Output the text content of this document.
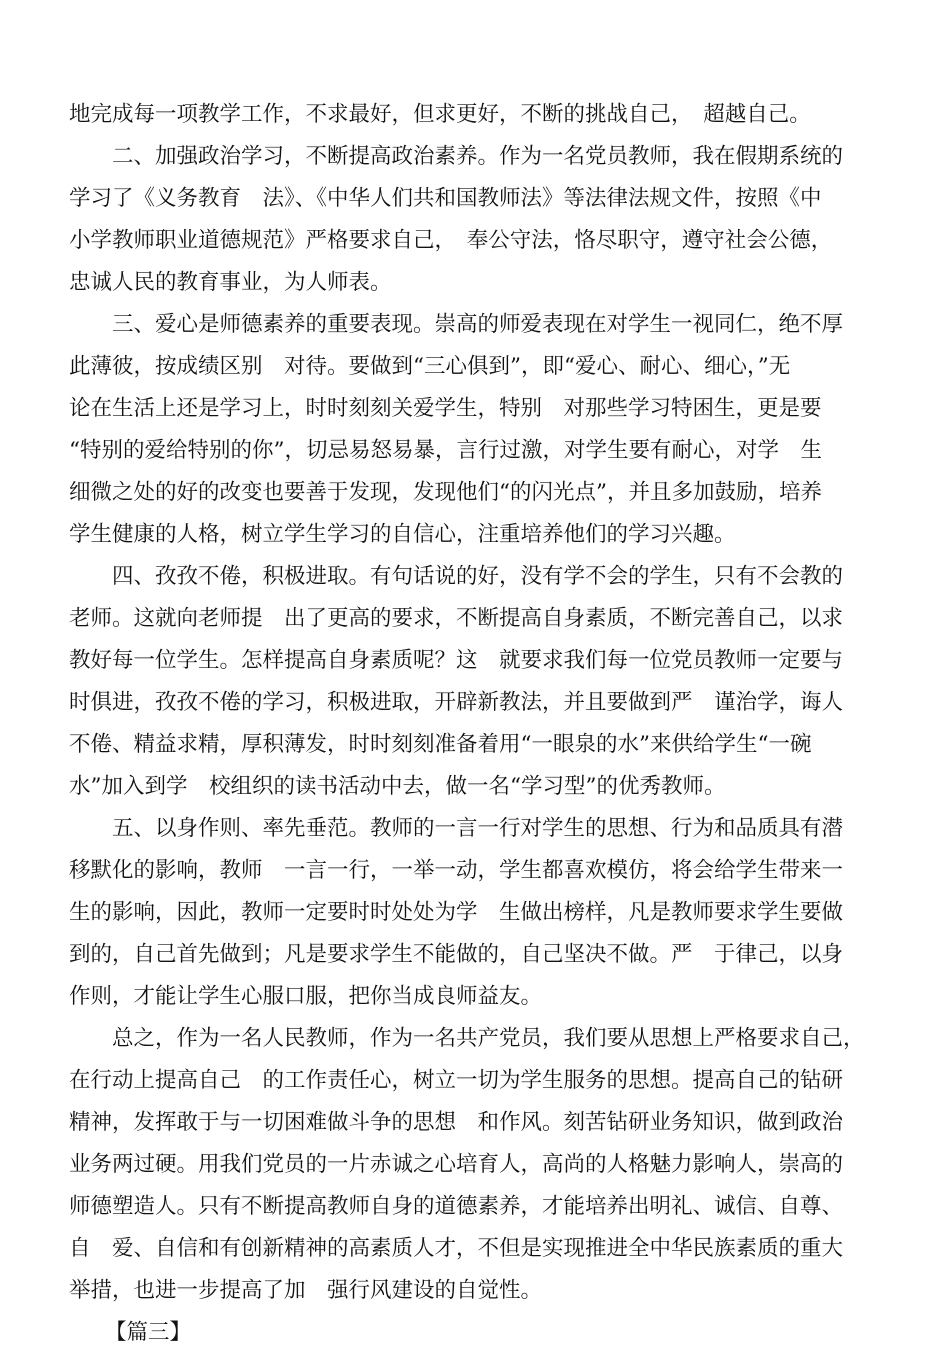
地完成每一项教学工作，不求最好，但求更好，不断的挑战自己，　超越自己。
二、加强政治学习，不断提高政治素养。作为一名党员教师，我在假期系统的
学习了《义务教育　法》、《中华人们共和国教师法》等法律法规文件，按照《中
小学教师职业道德规范》严格要求自己，　奉公守法，恪尽职守，遵守社会公德，
忠诚人民的教育事业，为人师表。
三、爱心是师德素养的重要表现。崇高的师爱表现在对学生一视同仁，绝不厚
此薄彼，按成绩区别　对待。要做到“三心俱到”，即“爱心、耐心、细心，”无
论在生活上还是学习上，时时刻刻关爱学生，特别　对那些学习特困生，更是要
“特别的爱给特别的你”，切忌易怒易暴，言行过激，对学生要有耐心，对学　生
细微之处的好的改变也要善于发现，发现他们“的闪光点”，并且多加鼓励，培养
学生健康的人格，树立学生学习的自信心，注重培养他们的学习兴趣。
四、孜孜不倦，积极进取。有句话说的好，没有学不会的学生，只有不会教的
老师。这就向老师提　出了更高的要求，不断提高自身素质，不断完善自己，以求
教好每一位学生。怎样提高自身素质呢？这　就要求我们每一位党员教师一定要与
时俱进，孜孜不倦的学习，积极进取，开辟新教法，并且要做到严　谨治学，诲人
不倦、精益求精，厚积薄发，时时刻刻准备着用“一眼泉的水”来供给学生“一碗
水”加入到学　校组织的读书活动中去，做一名“学习型”的优秀教师。
五、以身作则、率先垂范。教师的一言一行对学生的思想、行为和品质具有潜
移默化的影响，教师　一言一行，一举一动，学生都喜欢模仿，将会给学生带来一
生的影响，因此，教师一定要时时处处为学　生做出榜样，凡是教师要求学生要做
到的，自己首先做到；凡是要求学生不能做的，自己坚决不做。严　于律己，以身
作则，才能让学生心服口服，把你当成良师益友。
总之，作为一名人民教师，作为一名共产党员，我们要从思想上严格要求自己，
在行动上提高自己　的工作责任心，树立一切为学生服务的思想。提高自己的钻研
精神，发挥敢于与一切困难做斗争的思想　和作风。刻苦钻研业务知识，做到政治
业务两过硬。用我们党员的一片赤诚之心培育人，高尚的人格魅力影响人，崇高的
师德塑造人。只有不断提高教师自身的道德素养，才能培养出明礼、诚信、自尊、
自　爱、自信和有创新精神的高素质人才，不但是实现推进全中华民族素质的重大
举措，也进一步提高了加　强行风建设的自觉性。
【篇三】
